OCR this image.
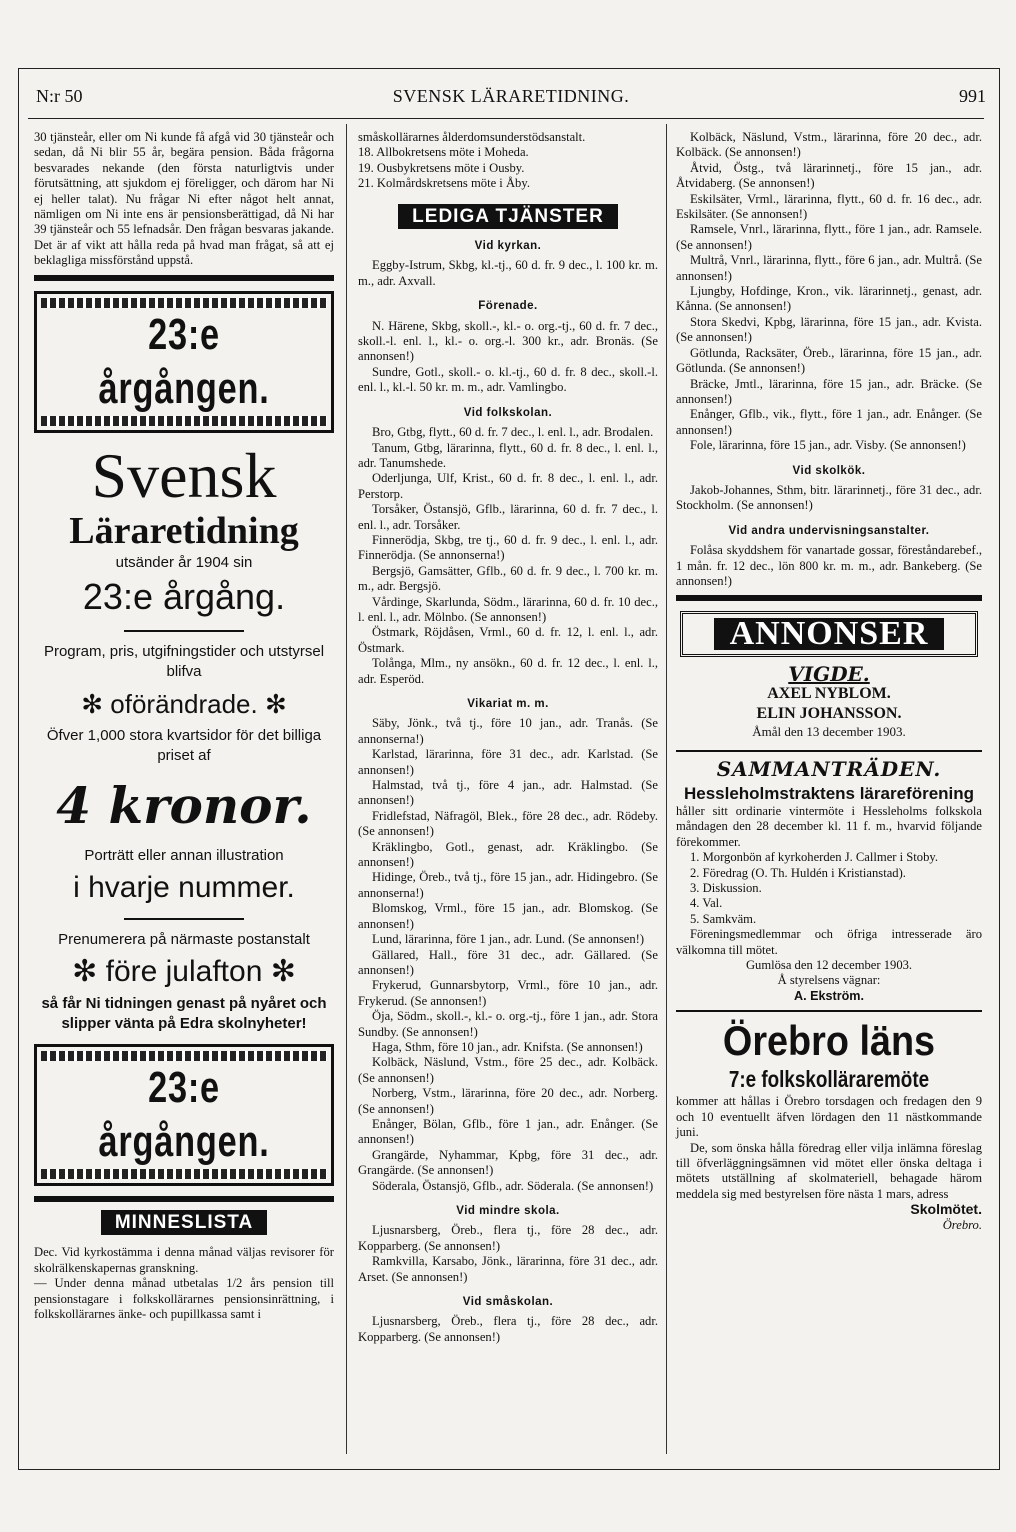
N:r 50	SVENSK LÄRARETIDNING.	991

30 tjänsteår, eller om Ni kunde få afgå vid 30 tjänsteår och sedan, då Ni blir 55 år, begära pension. Båda frågorna besvarades nekande (den första naturligtvis under förutsättning, att sjukdom ej föreligger, och därom har Ni ej heller talat). Nu frågar Ni efter något helt annat, nämligen om Ni inte ens är pensionsberättigad, då Ni har 39 tjänsteår och 55 lefnadsår. Den frågan besvaras jakande. Det är af vikt att hålla reda på hvad man frågat, så att ej beklagliga missförstånd uppstå.

23:e årgången.
Svensk
Läraretidning
utsänder år 1904 sin
23:e årgång.
Program, pris, utgifningstider och utstyrsel blifva
✻ oförändrade. ✻
Öfver 1,000 stora kvartsidor för det billiga priset af
4 kronor.
Porträtt eller annan illustration
i hvarje nummer.
Prenumerera på närmaste postanstalt
✻ före julafton ✻
så får Ni tidningen genast på nyåret och slipper vänta på Edra skolnyheter!
23:e årgången.
MINNESLISTA

Dec. Vid kyrkostämma i denna månad väljas revisorer för skolrälkenskapernas granskning.

— Under denna månad utbetalas 1/2 års pension till pensionstagare i folkskollärarnes pensionsinrättning, i folkskollärarnes änke- och pupillkassa samt i

småskollärarnes ålderdomsunderstödsanstalt.

18. Allbokretsens möte i Moheda.

19. Ousbykretsens möte i Ousby.

21. Kolmårdskretsens möte i Åby.

LEDIGA TJÄNSTER
Vid kyrkan.

Eggby-Istrum, Skbg, kl.-tj., 60 d. fr. 9 dec., l. 100 kr. m. m., adr. Axvall.

Förenade.

N. Härene, Skbg, skoll.-, kl.- o. org.-tj., 60 d. fr. 7 dec., skoll.-l. enl. l., kl.- o. org.-l. 300 kr., adr. Bronäs. (Se annonsen!)

Sundre, Gotl., skoll.- o. kl.-tj., 60 d. fr. 8 dec., skoll.-l. enl. l., kl.-l. 50 kr. m. m., adr. Vamlingbo.

Vid folkskolan.

Bro, Gtbg, flytt., 60 d. fr. 7 dec., l. enl. l., adr. Brodalen.

Tanum, Gtbg, lärarinna, flytt., 60 d. fr. 8 dec., l. enl. l., adr. Tanumshede.

Oderljunga, Ulf, Krist., 60 d. fr. 8 dec., l. enl. l., adr. Perstorp.

Torsåker, Östansjö, Gflb., lärarinna, 60 d. fr. 7 dec., l. enl. l., adr. Torsåker.

Finnerödja, Skbg, tre tj., 60 d. fr. 9 dec., l. enl. l., adr. Finnerödja. (Se annonserna!)

Bergsjö, Gamsätter, Gflb., 60 d. fr. 9 dec., l. 700 kr. m. m., adr. Bergsjö.

Vårdinge, Skarlunda, Södm., lärarinna, 60 d. fr. 10 dec., l. enl. l., adr. Mölnbo. (Se annonsen!)

Östmark, Röjdåsen, Vrml., 60 d. fr. 12, l. enl. l., adr. Östmark.

Tolånga, Mlm., ny ansökn., 60 d. fr. 12 dec., l. enl. l., adr. Esperöd.

Vikariat m. m.

Säby, Jönk., två tj., före 10 jan., adr. Tranås. (Se annonserna!)

Karlstad, lärarinna, före 31 dec., adr. Karlstad. (Se annonsen!)

Halmstad, två tj., före 4 jan., adr. Halmstad. (Se annonsen!)

Fridlefstad, Näfragöl, Blek., före 28 dec., adr. Rödeby. (Se annonsen!)

Kräklingbo, Gotl., genast, adr. Kräklingbo. (Se annonsen!)

Hidinge, Öreb., två tj., före 15 jan., adr. Hidingebro. (Se annonserna!)

Blomskog, Vrml., före 15 jan., adr. Blomskog. (Se annonsen!)

Lund, lärarinna, före 1 jan., adr. Lund. (Se annonsen!)

Gällared, Hall., före 31 dec., adr. Gällared. (Se annonsen!)

Frykerud, Gunnarsbytorp, Vrml., före 10 jan., adr. Frykerud. (Se annonsen!)

Öja, Södm., skoll.-, kl.- o. org.-tj., före 1 jan., adr. Stora Sundby. (Se annonsen!)

Haga, Sthm, före 10 jan., adr. Knifsta. (Se annonsen!)

Kolbäck, Näslund, Vstm., före 25 dec., adr. Kolbäck. (Se annonsen!)

Norberg, Vstm., lärarinna, före 20 dec., adr. Norberg. (Se annonsen!)

Enånger, Bölan, Gflb., före 1 jan., adr. Enånger. (Se annonsen!)

Grangärde, Nyhammar, Kpbg, före 31 dec., adr. Grangärde. (Se annonsen!)

Söderala, Östansjö, Gflb., adr. Söderala. (Se annonsen!)

Vid mindre skola.

Ljusnarsberg, Öreb., flera tj., före 28 dec., adr. Kopparberg. (Se annonsen!)

Ramkvilla, Karsabo, Jönk., lärarinna, före 31 dec., adr. Arset. (Se annonsen!)

Vid småskolan.

Ljusnarsberg, Öreb., flera tj., före 28 dec., adr. Kopparberg. (Se annonsen!)

Kolbäck, Näslund, Vstm., lärarinna, före 20 dec., adr. Kolbäck. (Se annonsen!)

Åtvid, Östg., två lärarinnetj., före 15 jan., adr. Åtvidaberg. (Se annonsen!)

Eskilsäter, Vrml., lärarinna, flytt., 60 d. fr. 16 dec., adr. Eskilsäter. (Se annonsen!)

Ramsele, Vnrl., lärarinna, flytt., före 1 jan., adr. Ramsele. (Se annonsen!)

Multrå, Vnrl., lärarinna, flytt., före 6 jan., adr. Multrå. (Se annonsen!)

Ljungby, Hofdinge, Kron., vik. lärarinnetj., genast, adr. Kånna. (Se annonsen!)

Stora Skedvi, Kpbg, lärarinna, före 15 jan., adr. Kvista. (Se annonsen!)

Götlunda, Racksäter, Öreb., lärarinna, före 15 jan., adr. Götlunda. (Se annonsen!)

Bräcke, Jmtl., lärarinna, före 15 jan., adr. Bräcke. (Se annonsen!)

Enånger, Gflb., vik., flytt., före 1 jan., adr. Enånger. (Se annonsen!)

Fole, lärarinna, före 15 jan., adr. Visby. (Se annonsen!)

Vid skolkök.

Jakob-Johannes, Sthm, bitr. lärarinnetj., före 31 dec., adr. Stockholm. (Se annonsen!)

Vid andra undervisningsanstalter.

Folåsa skyddshem för vanartade gossar, föreståndarebef., 1 mån. fr. 12 dec., lön 800 kr. m. m., adr. Bankeberg. (Se annonsen!)

ANNONSER
VIGDE.
AXEL NYBLOM.
ELIN JOHANSSON.

Åmål den 13 december 1903.

SAMMANTRÄDEN.
Hessleholmstraktens lärareförening

håller sitt ordinarie vintermöte i Hessleholms folkskola måndagen den 28 december kl. 11 f. m., hvarvid följande förekommer.

1. Morgonbön af kyrkoherden J. Callmer i Stoby.

2. Föredrag (O. Th. Huldén i Kristianstad).

3. Diskussion.

4. Val.

5. Samkväm.

Föreningsmedlemmar och öfriga intresserade äro välkomna till mötet.

Gumlösa den 12 december 1903.

Å styrelsens vägnar:

A. Ekström.

Örebro läns
7:e folkskolläraremöte

kommer att hållas i Örebro torsdagen och fredagen den 9 och 10 eventuellt äfven lördagen den 11 nästkommande juni.

De, som önska hålla föredrag eller vilja inlämna föreslag till öfverläggningsämnen vid mötet eller önska deltaga i mötets utställning af skolmateriell, behagade härom meddela sig med bestyrelsen före nästa 1 mars, adress

Skolmötet.

Örebro.
